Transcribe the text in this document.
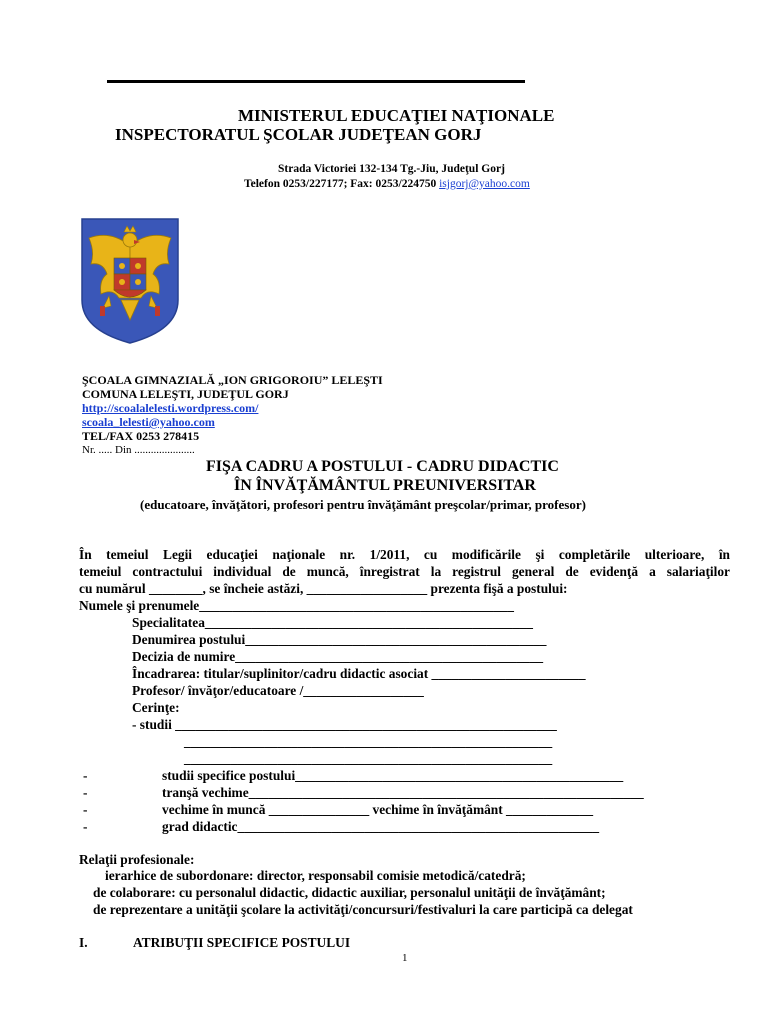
MINISTERUL EDUCAŢIEI NAŢIONALE
INSPECTORATUL ŞCOLAR JUDEŢEAN GORJ
Strada Victoriei 132-134 Tg.-Jiu, Judeţul Gorj
Telefon 0253/227177; Fax: 0253/224750 isjgorj@yahoo.com
ŞCOALA GIMNAZIALĂ „ION GRIGOROIU” LELEŞTI
COMUNA LELEŞTI, JUDEŢUL GORJ
http://scoalalelesti.wordpress.com/
scoala_lelesti@yahoo.com
TEL/FAX 0253 278415
Nr. ..... Din ......................
FIŞA CADRU A POSTULUI - CADRU DIDACTIC
ÎN ÎNVĂŢĂMÂNTUL PREUNIVERSITAR
(educatoare, învăţători, profesori pentru învăţământ preşcolar/primar, profesor)
În temeiul Legii educaţiei naţionale nr. 1/2011, cu modificările şi completările ulterioare, în
temeiul contractului individual de muncă, înregistrat la registrul general de evidenţă a salariaţilor
cu numărul ________, se încheie astăzi, __________________ prezenta fişă a postului:
Numele şi prenumele_______________________________________________
Specialitatea_________________________________________________
Denumirea postului_____________________________________________
Decizia de numire______________________________________________
Încadrarea: titular/suplinitor/cadru didactic asociat _______________________
Profesor/ învăţor/educatoare /__________________
Cerinţe:
- studii _________________________________________________________
_______________________________________________________
_______________________________________________________
-	studii specifice postului_________________________________________________
-	tranşă vechime___________________________________________________________
-	vechime în muncă _______________ vechime în învăţământ _____________
-	grad didactic______________________________________________________
Relaţii profesionale:
ierarhice de subordonare: director, responsabil comisie metodică/catedră;
de colaborare: cu personalul didactic, didactic auxiliar, personalul unităţii de învăţământ;
de reprezentare a unităţii şcolare la activităţi/concursuri/festivaluri la care participă ca delegat
I.	ATRIBUŢII SPECIFICE POSTULUI
1
